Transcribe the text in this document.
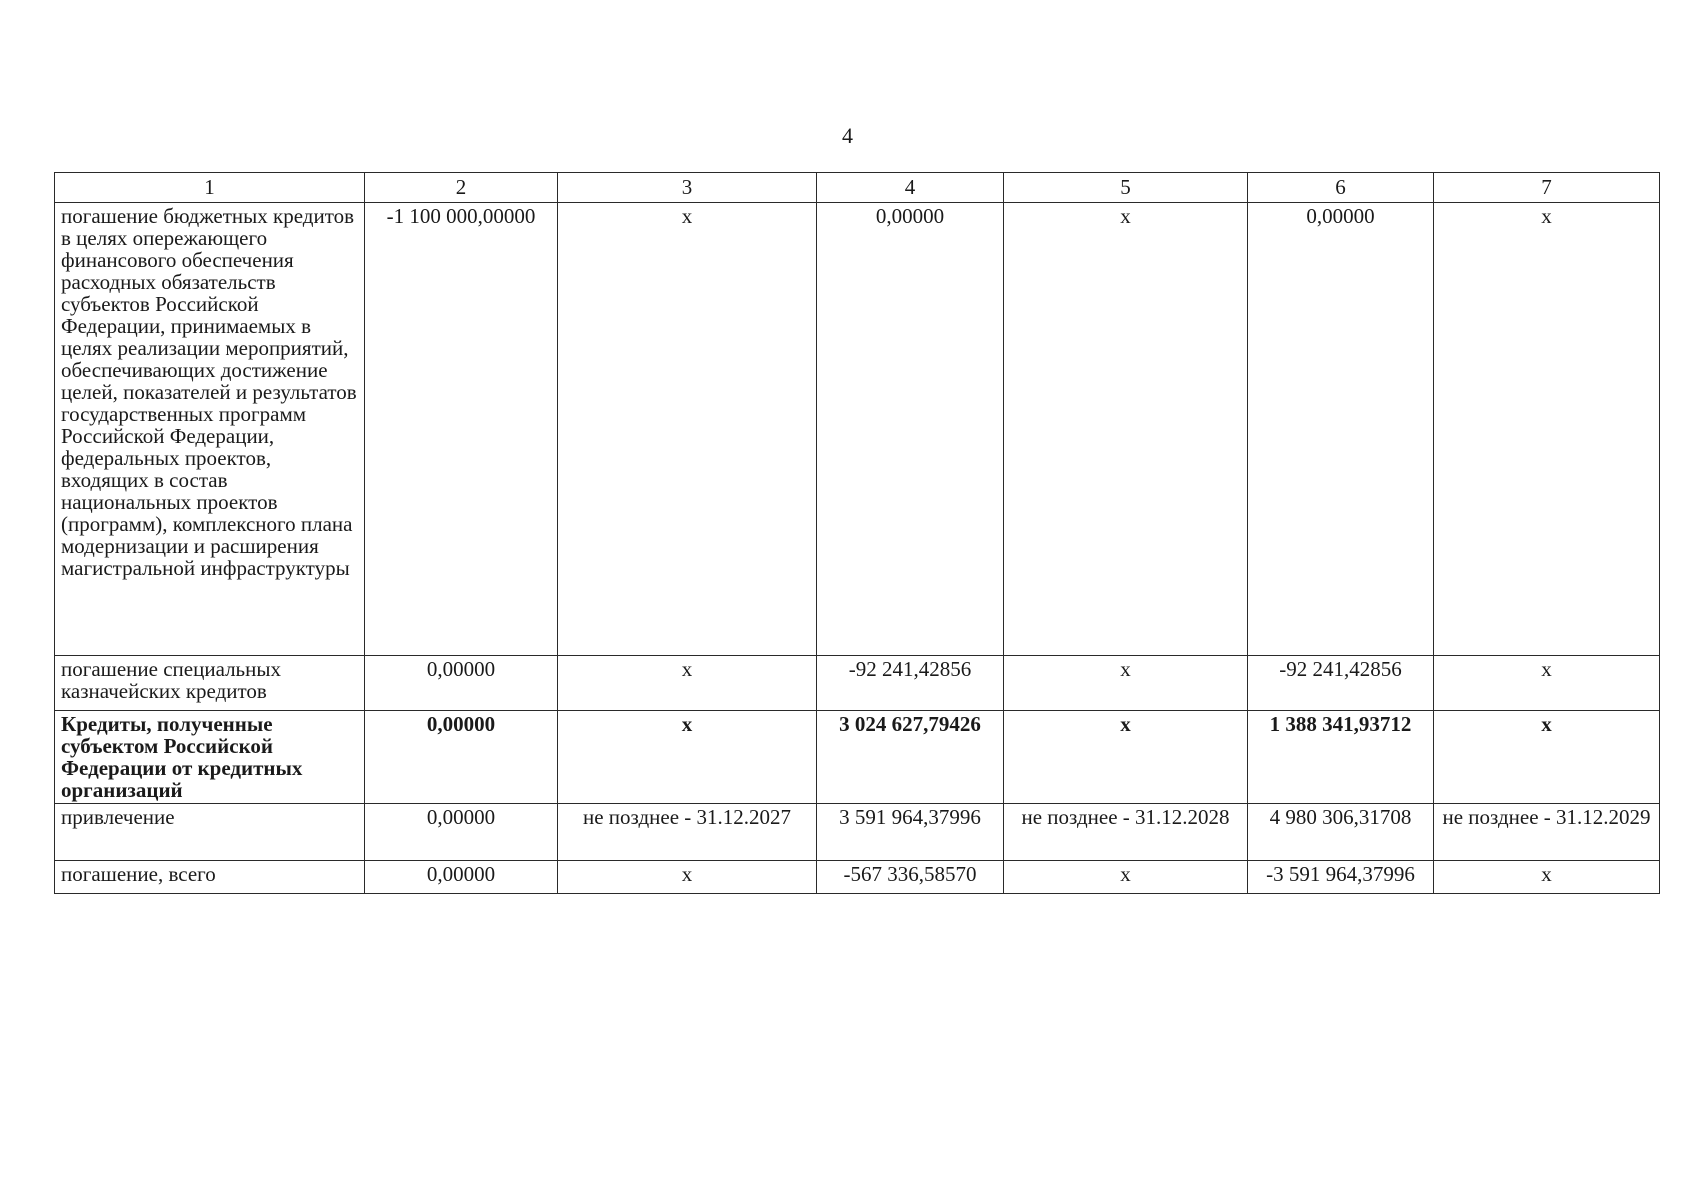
4
1	2	3	4	5	6	7
погашение бюджетных кредитов в целях опережающего финансового обеспечения расходных обязательств субъектов Российской Федерации, принимаемых в целях реализации мероприятий, обеспечивающих достижение целей, показателей и результатов государственных программ Российской Федерации, федеральных проектов, входящих в состав национальных проектов (программ), комплексного плана модернизации и расширения магистральной инфраструктуры	-1 100 000,00000	x	0,00000	x	0,00000	x
погашение специальных казначейских кредитов	0,00000	x	-92 241,42856	x	-92 241,42856	x
Кредиты, полученные субъектом Российской Федерации от кредитных организаций	0,00000	x	3 024 627,79426	x	1 388 341,93712	x
привлечение	0,00000	не позднее - 31.12.2027	3 591 964,37996	не позднее - 31.12.2028	4 980 306,31708	не позднее - 31.12.2029
погашение, всего	0,00000	x	-567 336,58570	x	-3 591 964,37996	x
